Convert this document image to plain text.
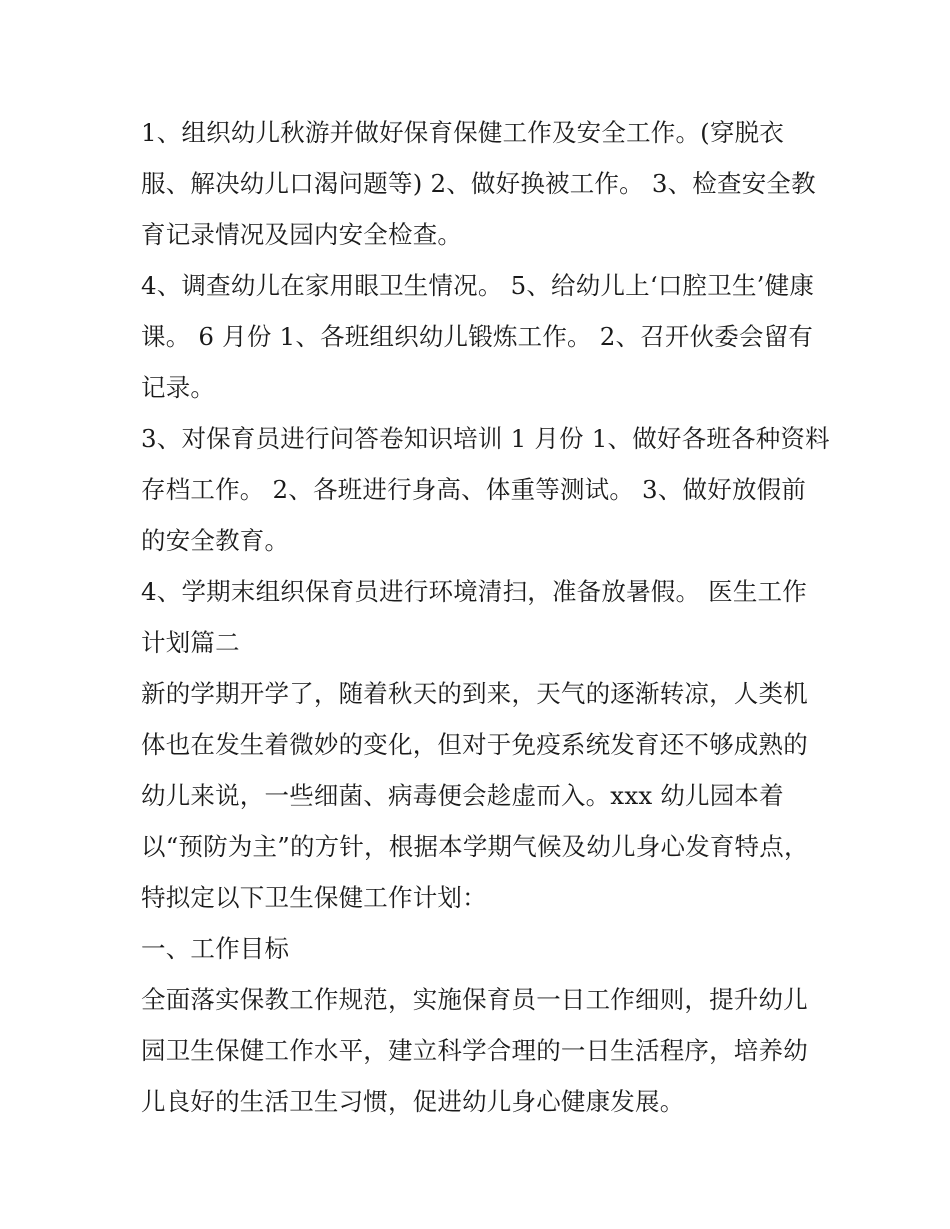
1、组织幼儿秋游并做好保育保健工作及安全工作。(穿脱衣
服、解决幼儿口渴问题等) 2、做好换被工作。 3、检查安全教
育记录情况及园内安全检查。
4、调查幼儿在家用眼卫生情况。 5、给幼儿上‘口腔卫生’健康
课。 6 月份 1、各班组织幼儿锻炼工作。 2、召开伙委会留有
记录。
3、对保育员进行问答卷知识培训 1 月份 1、做好各班各种资料
存档工作。 2、各班进行身高、体重等测试。 3、做好放假前
的安全教育。
4、学期末组织保育员进行环境清扫，准备放暑假。 医生工作
计划篇二
新的学期开学了，随着秋天的到来，天气的逐渐转凉，人类机
体也在发生着微妙的变化，但对于免疫系统发育还不够成熟的
幼儿来说，一些细菌、病毒便会趁虚而入。xxx 幼儿园本着
以“预防为主”的方针，根据本学期气候及幼儿身心发育特点，
特拟定以下卫生保健工作计划：
一、工作目标
全面落实保教工作规范，实施保育员一日工作细则，提升幼儿
园卫生保健工作水平，建立科学合理的一日生活程序，培养幼
儿良好的生活卫生习惯，促进幼儿身心健康发展。
